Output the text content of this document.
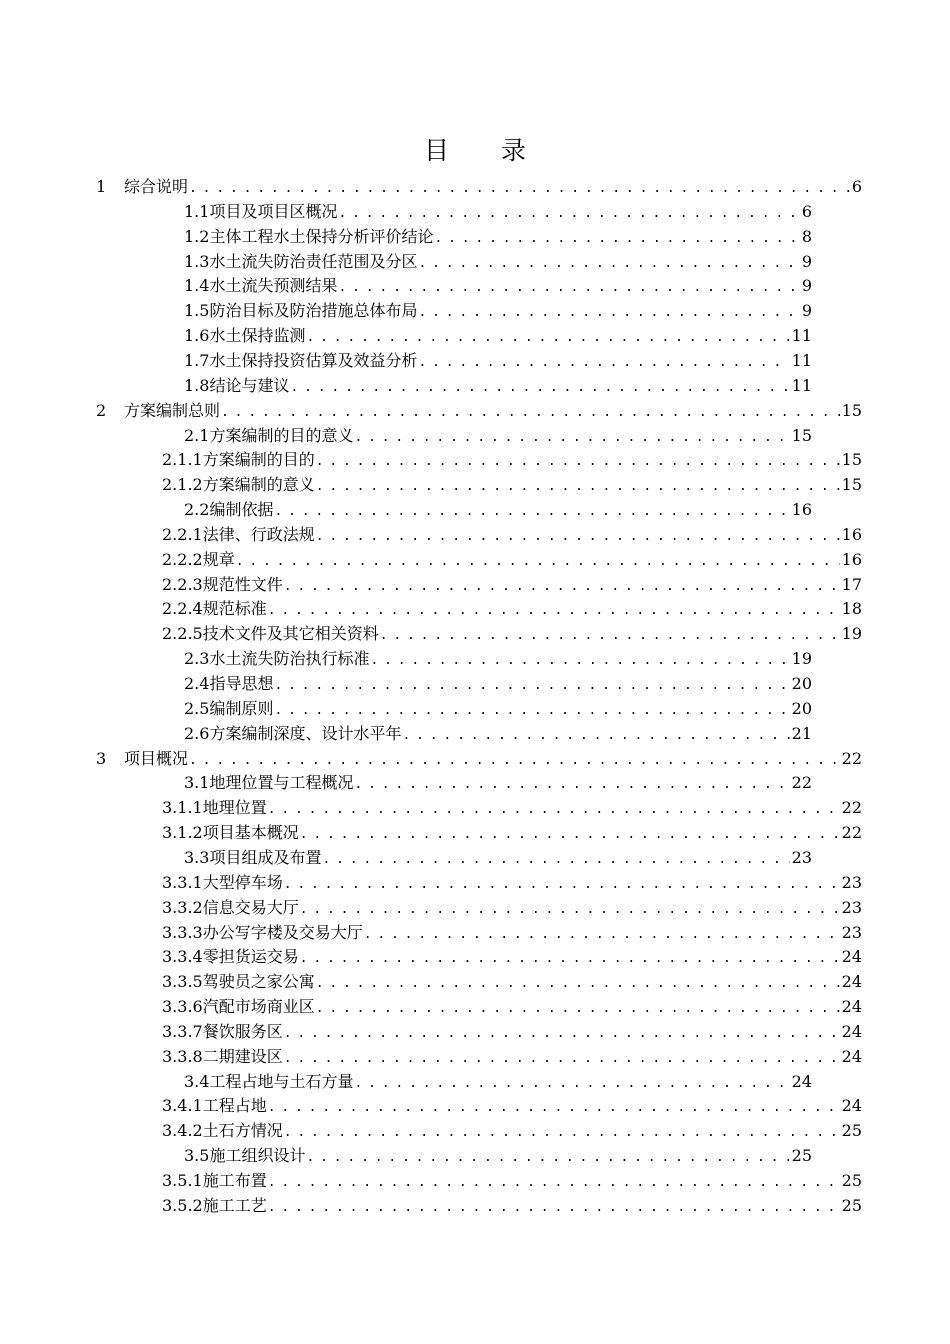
目 录
1	综合说明 . . .	6
1.1项目及项目区概况 . . .	6
1.2主体工程水土保持分析评价结论 . . .	8
1.3水土流失防治责任范围及分区 . . .	9
1.4水土流失预测结果 . . .	9
1.5防治目标及防治措施总体布局 . . .	9
1.6水土保持监测 . . .	11
1.7水土保持投资估算及效益分析 . . .	11
1.8结论与建议 . . .	11
2	方案编制总则 . . .	15
2.1方案编制的目的意义 . . .	15
2.1.1方案编制的目的 . . .	15
2.1.2方案编制的意义 . . .	15
2.2编制依据 . . .	16
2.2.1法律、行政法规 . . .	16
2.2.2规章 . . .	16
2.2.3规范性文件 . . .	17
2.2.4规范标准 . . .	18
2.2.5技术文件及其它相关资料 . . .	19
2.3水土流失防治执行标准 . . .	19
2.4指导思想 . . .	20
2.5编制原则 . . .	20
2.6方案编制深度、设计水平年 . . .	21
3	项目概况 . . .	22
3.1地理位置与工程概况 . . .	22
3.1.1地理位置 . . .	22
3.1.2项目基本概况 . . .	22
3.3项目组成及布置 . . .	23
3.3.1大型停车场 . . .	23
3.3.2信息交易大厅 . . .	23
3.3.3办公写字楼及交易大厅 . . .	23
3.3.4零担货运交易 . . .	24
3.3.5驾驶员之家公寓 . . .	24
3.3.6汽配市场商业区 . . .	24
3.3.7餐饮服务区 . . .	24
3.3.8二期建设区 . . .	24
3.4工程占地与土石方量 . . .	24
3.4.1工程占地 . . .	24
3.4.2土石方情况 . . .	25
3.5施工组织设计 . . .	25
3.5.1施工布置 . . .	25
3.5.2施工工艺 . . .	25
